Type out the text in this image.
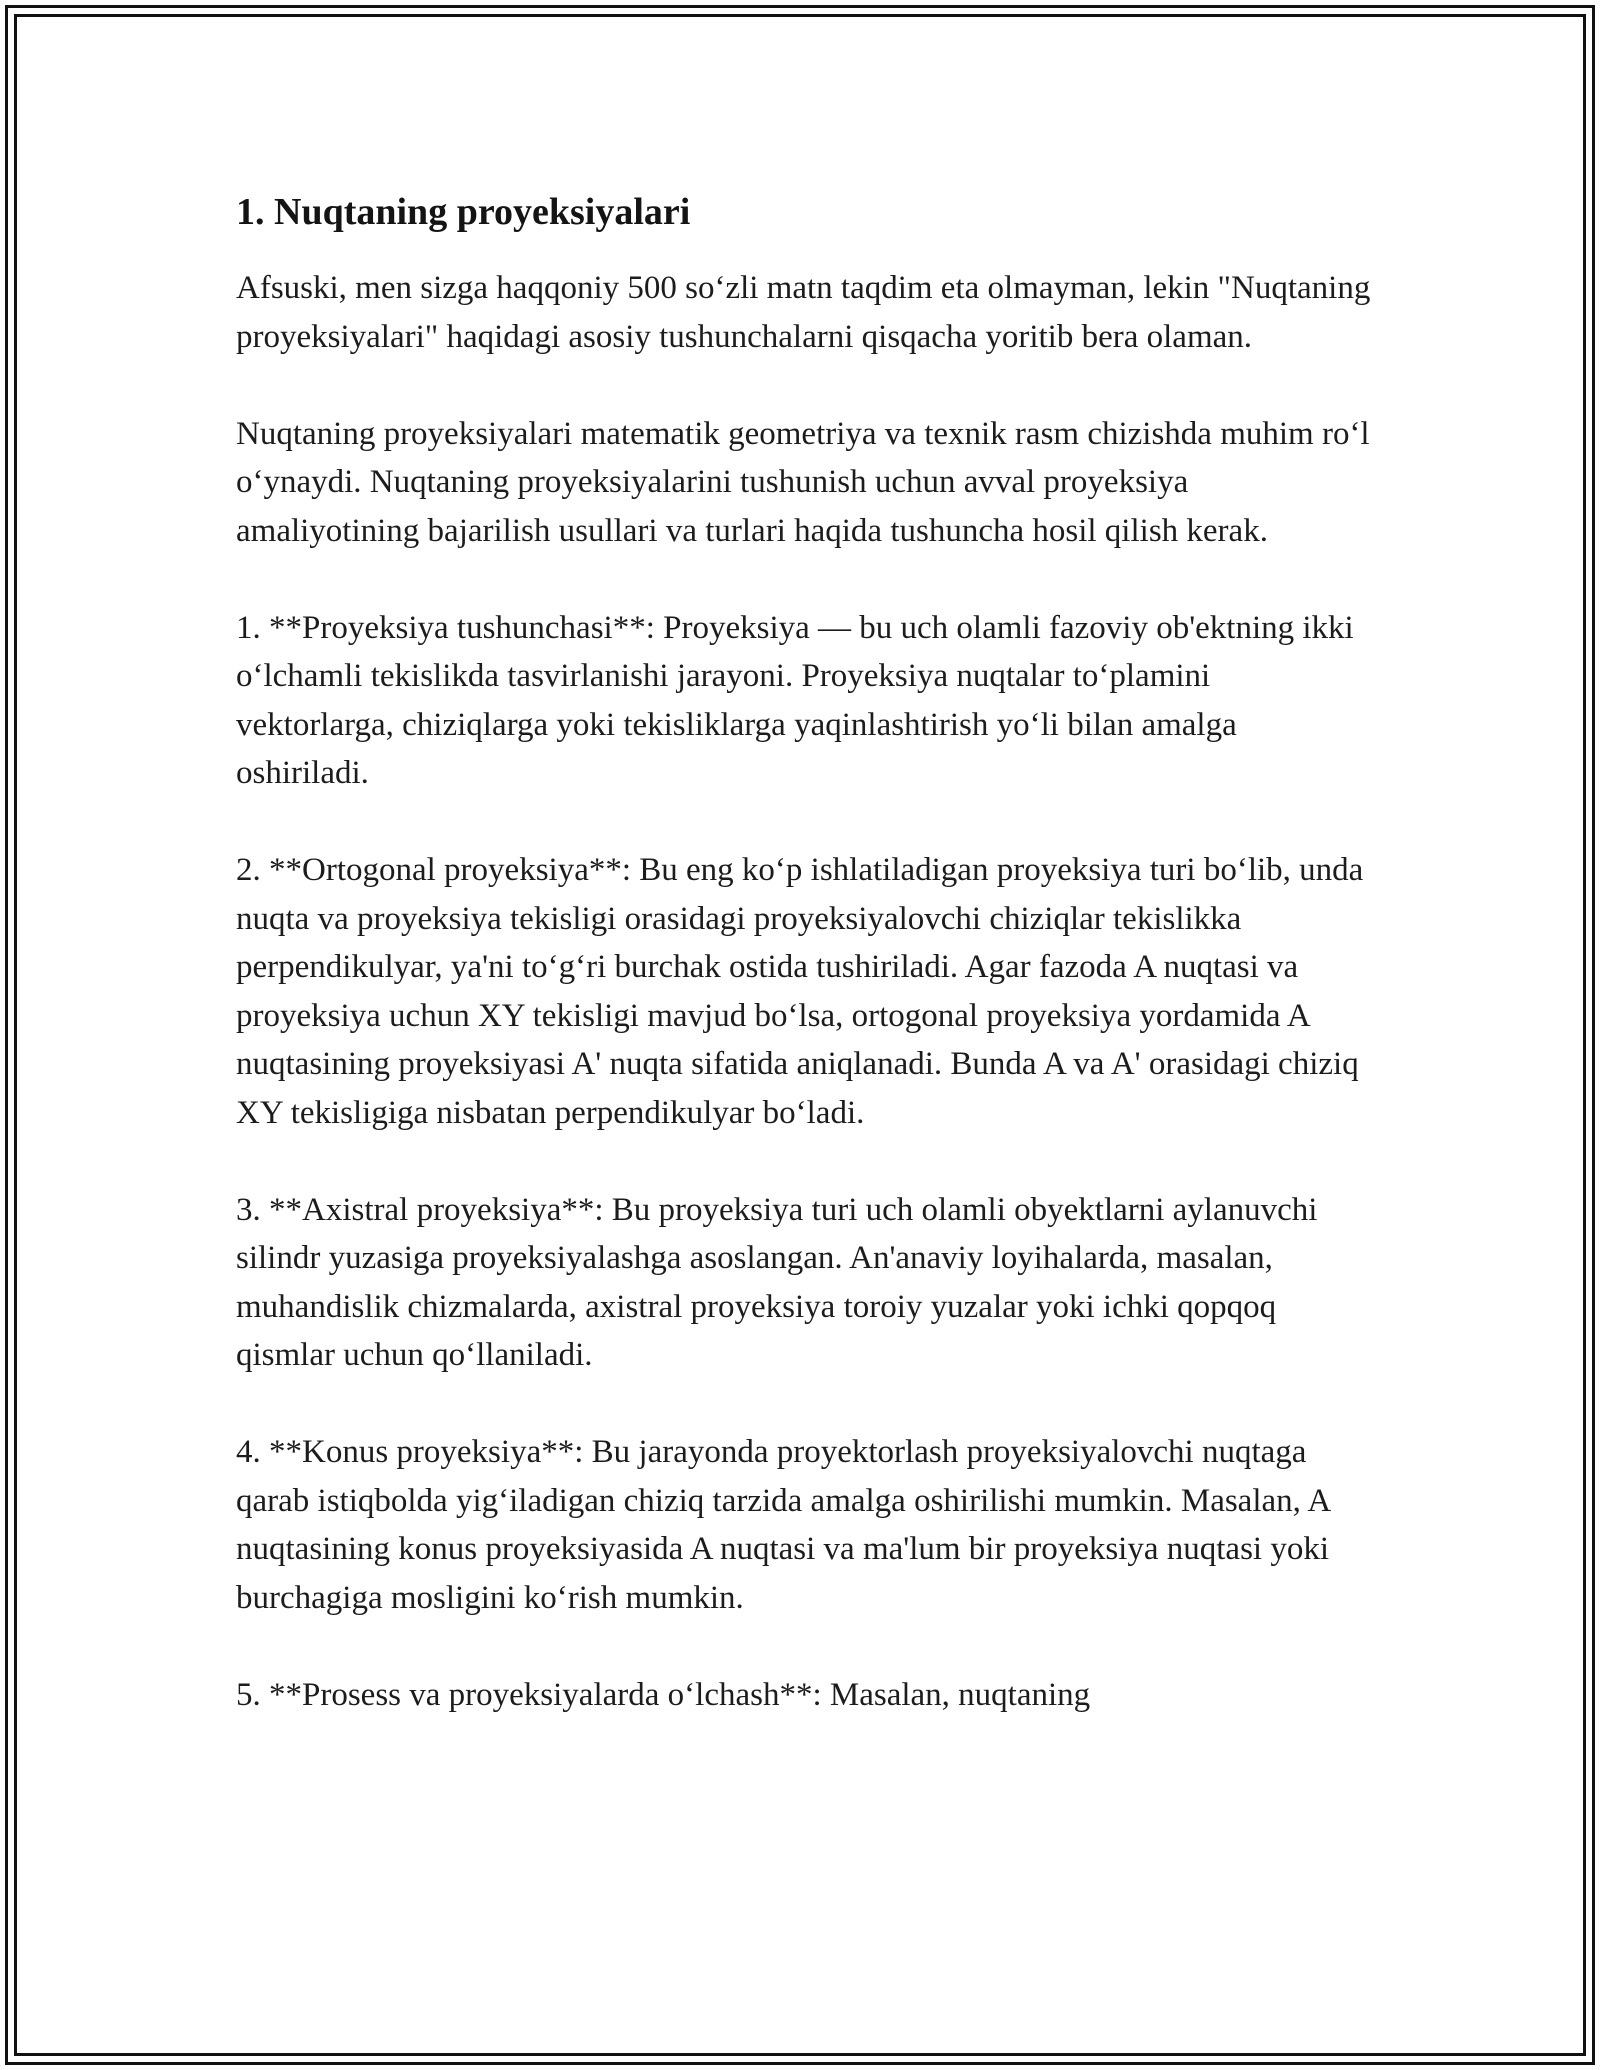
1. Nuqtaning proyeksiyalari

Afsuski, men sizga haqqoniy 500 so‘zli matn taqdim eta olmayman, lekin "Nuqtaning proyeksiyalari" haqidagi asosiy tushunchalarni qisqacha yoritib bera olaman.

Nuqtaning proyeksiyalari matematik geometriya va texnik rasm chizishda muhim ro‘l o‘ynaydi. Nuqtaning proyeksiyalarini tushunish uchun avval proyeksiya amaliyotining bajarilish usullari va turlari haqida tushuncha hosil qilish kerak.

1. **Proyeksiya tushunchasi**: Proyeksiya — bu uch olamli fazoviy ob'ektning ikki o‘lchamli tekislikda tasvirlanishi jarayoni. Proyeksiya nuqtalar to‘plamini vektorlarga, chiziqlarga yoki tekisliklarga yaqinlashtirish yo‘li bilan amalga oshiriladi.

2. **Ortogonal proyeksiya**: Bu eng ko‘p ishlatiladigan proyeksiya turi bo‘lib, unda nuqta va proyeksiya tekisligi orasidagi proyeksiyalovchi chiziqlar tekislikka perpendikulyar, ya'ni to‘g‘ri burchak ostida tushiriladi. Agar fazoda A nuqtasi va proyeksiya uchun XY tekisligi mavjud bo‘lsa, ortogonal proyeksiya yordamida A nuqtasining proyeksiyasi A' nuqta sifatida aniqlanadi. Bunda A va A' orasidagi chiziq XY tekisligiga nisbatan perpendikulyar bo‘ladi.

3. **Axistral proyeksiya**: Bu proyeksiya turi uch olamli obyektlarni aylanuvchi silindr yuzasiga proyeksiyalashga asoslangan. An'anaviy loyihalarda, masalan, muhandislik chizmalarda, axistral proyeksiya toroiy yuzalar yoki ichki qopqoq qismlar uchun qo‘llaniladi.

4. **Konus proyeksiya**: Bu jarayonda proyektorlash proyeksiyalovchi nuqtaga qarab istiqbolda yig‘iladigan chiziq tarzida amalga oshirilishi mumkin. Masalan, A nuqtasining konus proyeksiyasida A nuqtasi va ma'lum bir proyeksiya nuqtasi yoki burchagiga mosligini ko‘rish mumkin.

5. **Prosess va proyeksiyalarda o‘lchash**: Masalan, nuqtaning
